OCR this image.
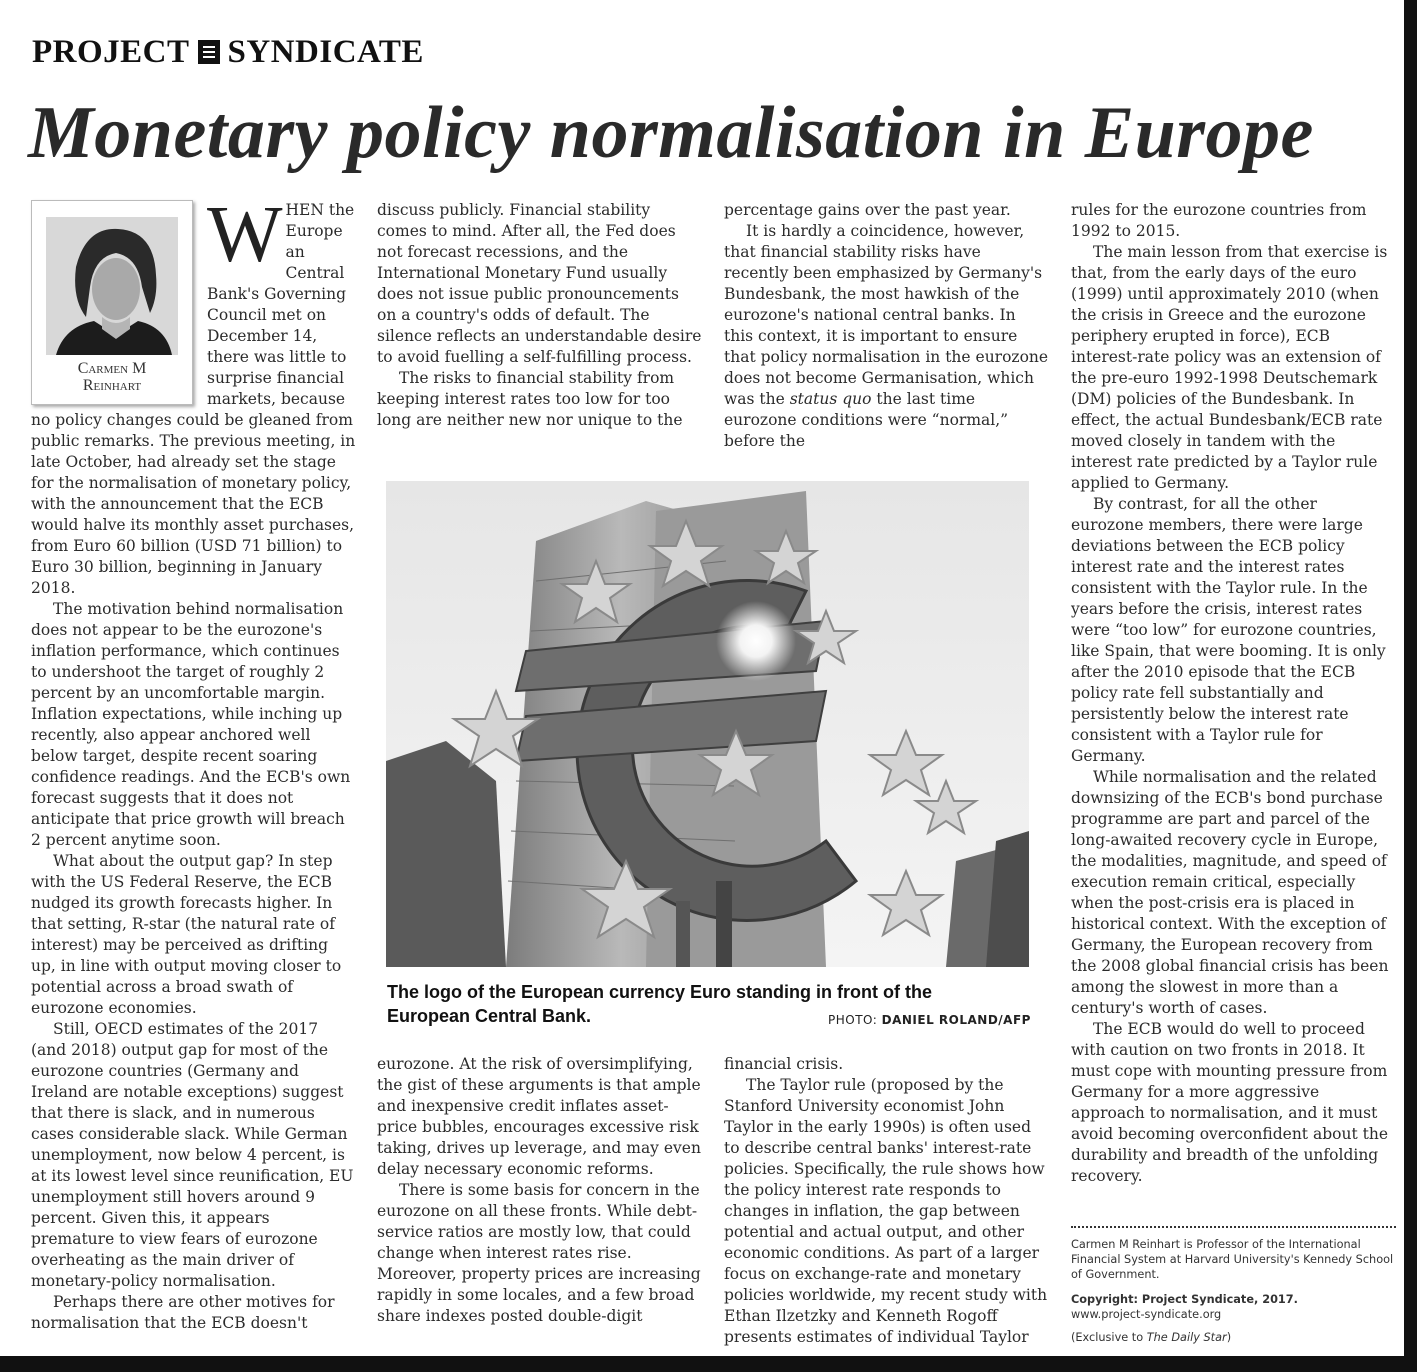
PROJECT SYNDICATE
Monetary policy normalisation in Europe
Carmen M
Reinhart
W HEN the Europe an Central Bank's Governing Council met on December 14, there was little to surprise financial markets, because no policy changes could be gleaned from public remarks. The previous meeting, in late October, had already set the stage for the normalisation of monetary policy, with the announcement that the ECB would halve its monthly asset purchases, from Euro 60 billion (USD 71 billion) to Euro 30 billion, beginning in January 2018.

The motivation behind normalisation does not appear to be the eurozone's inflation performance, which continues to undershoot the target of roughly 2 percent by an uncomfortable margin. Inflation expectations, while inching up recently, also appear anchored well below target, despite recent soaring confidence readings. And the ECB's own forecast suggests that it does not anticipate that price growth will breach 2 percent anytime soon.

What about the output gap? In step with the US Federal Reserve, the ECB nudged its growth forecasts higher. In that setting, R-star (the natural rate of interest) may be perceived as drifting up, in line with output moving closer to potential across a broad swath of eurozone economies.

Still, OECD estimates of the 2017 (and 2018) output gap for most of the eurozone countries (Germany and Ireland are notable exceptions) suggest that there is slack, and in numerous cases considerable slack. While German unemployment, now below 4 percent, is at its lowest level since reunification, EU unemployment still hovers around 9 percent. Given this, it appears premature to view fears of eurozone overheating as the main driver of monetary-policy normalisation.

Perhaps there are other motives for normalisation that the ECB doesn't

discuss publicly. Financial stability comes to mind. After all, the Fed does not forecast recessions, and the International Monetary Fund usually does not issue public pronouncements on a country's odds of default. The silence reflects an understandable desire to avoid fuelling a self-fulfilling process.

The risks to financial stability from keeping interest rates too low for too long are neither new nor unique to the

percentage gains over the past year.

It is hardly a coincidence, however, that financial stability risks have recently been emphasized by Germany's Bundesbank, the most hawkish of the eurozone's national central banks. In this context, it is important to ensure that policy normalisation in the eurozone does not become Germanisation, which was the status quo the last time eurozone conditions were “normal,” before the

The logo of the European currency Euro standing in front of the European Central Bank.	PHOTO: DANIEL ROLAND/AFP

eurozone. At the risk of oversimplifying, the gist of these arguments is that ample and inexpensive credit inflates asset-price bubbles, encourages excessive risk taking, drives up leverage, and may even delay necessary economic reforms.

There is some basis for concern in the eurozone on all these fronts. While debt-service ratios are mostly low, that could change when interest rates rise. Moreover, property prices are increasing rapidly in some locales, and a few broad share indexes posted double-digit

financial crisis.

The Taylor rule (proposed by the Stanford University economist John Taylor in the early 1990s) is often used to describe central banks' interest-rate policies. Specifically, the rule shows how the policy interest rate responds to changes in inflation, the gap between potential and actual output, and other economic conditions. As part of a larger focus on exchange-rate and monetary policies worldwide, my recent study with Ethan Ilzetzky and Kenneth Rogoff presents estimates of individual Taylor

rules for the eurozone countries from 1992 to 2015.

The main lesson from that exercise is that, from the early days of the euro (1999) until approximately 2010 (when the crisis in Greece and the eurozone periphery erupted in force), ECB interest-rate policy was an extension of the pre-euro 1992-1998 Deutschemark (DM) policies of the Bundesbank. In effect, the actual Bundesbank/ECB rate moved closely in tandem with the interest rate predicted by a Taylor rule applied to Germany.

By contrast, for all the other eurozone members, there were large deviations between the ECB policy interest rate and the interest rates consistent with the Taylor rule. In the years before the crisis, interest rates were “too low” for eurozone countries, like Spain, that were booming. It is only after the 2010 episode that the ECB policy rate fell substantially and persistently below the interest rate consistent with a Taylor rule for Germany.

While normalisation and the related downsizing of the ECB's bond purchase programme are part and parcel of the long-awaited recovery cycle in Europe, the modalities, magnitude, and speed of execution remain critical, especially when the post-crisis era is placed in historical context. With the exception of Germany, the European recovery from the 2008 global financial crisis has been among the slowest in more than a century's worth of cases.

The ECB would do well to proceed with caution on two fronts in 2018. It must cope with mounting pressure from Germany for a more aggressive approach to normalisation, and it must avoid becoming overconfident about the durability and breadth of the unfolding recovery.

Carmen M Reinhart is Professor of the International Financial System at Harvard University's Kennedy School of Government.

Copyright: Project Syndicate, 2017.

www.project-syndicate.org

(Exclusive to The Daily Star)
